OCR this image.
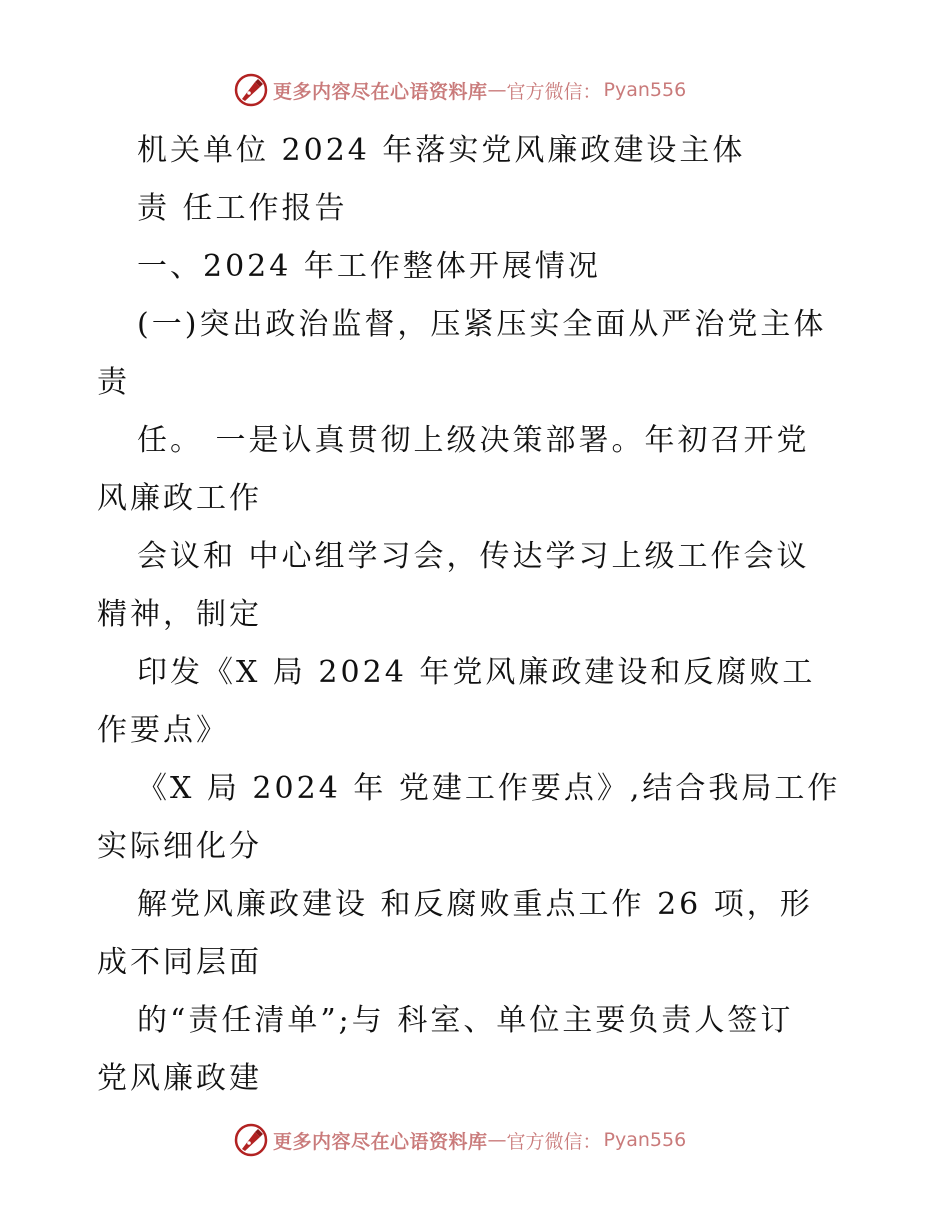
更多内容尽在心语资料库 — 官方微信： Pyan556
机关单位 2024 年落实党风廉政建设主体
责 任工作报告
一、2024 年工作整体开展情况
(一)突出政治监督，压紧压实全面从严治党主体
责
任。 一是认真贯彻上级决策部署。年初召开党
风廉政工作
会议和 中心组学习会，传达学习上级工作会议
精神，制定
印发《X 局 2024 年党风廉政建设和反腐败工
作要点》
《X 局 2024 年 党建工作要点》,结合我局工作
实际细化分
解党风廉政建设 和反腐败重点工作 26 项，形
成不同层面
的“责任清单”;与 科室、单位主要负责人签订
党风廉政建
更多内容尽在心语资料库 — 官方微信： Pyan556
